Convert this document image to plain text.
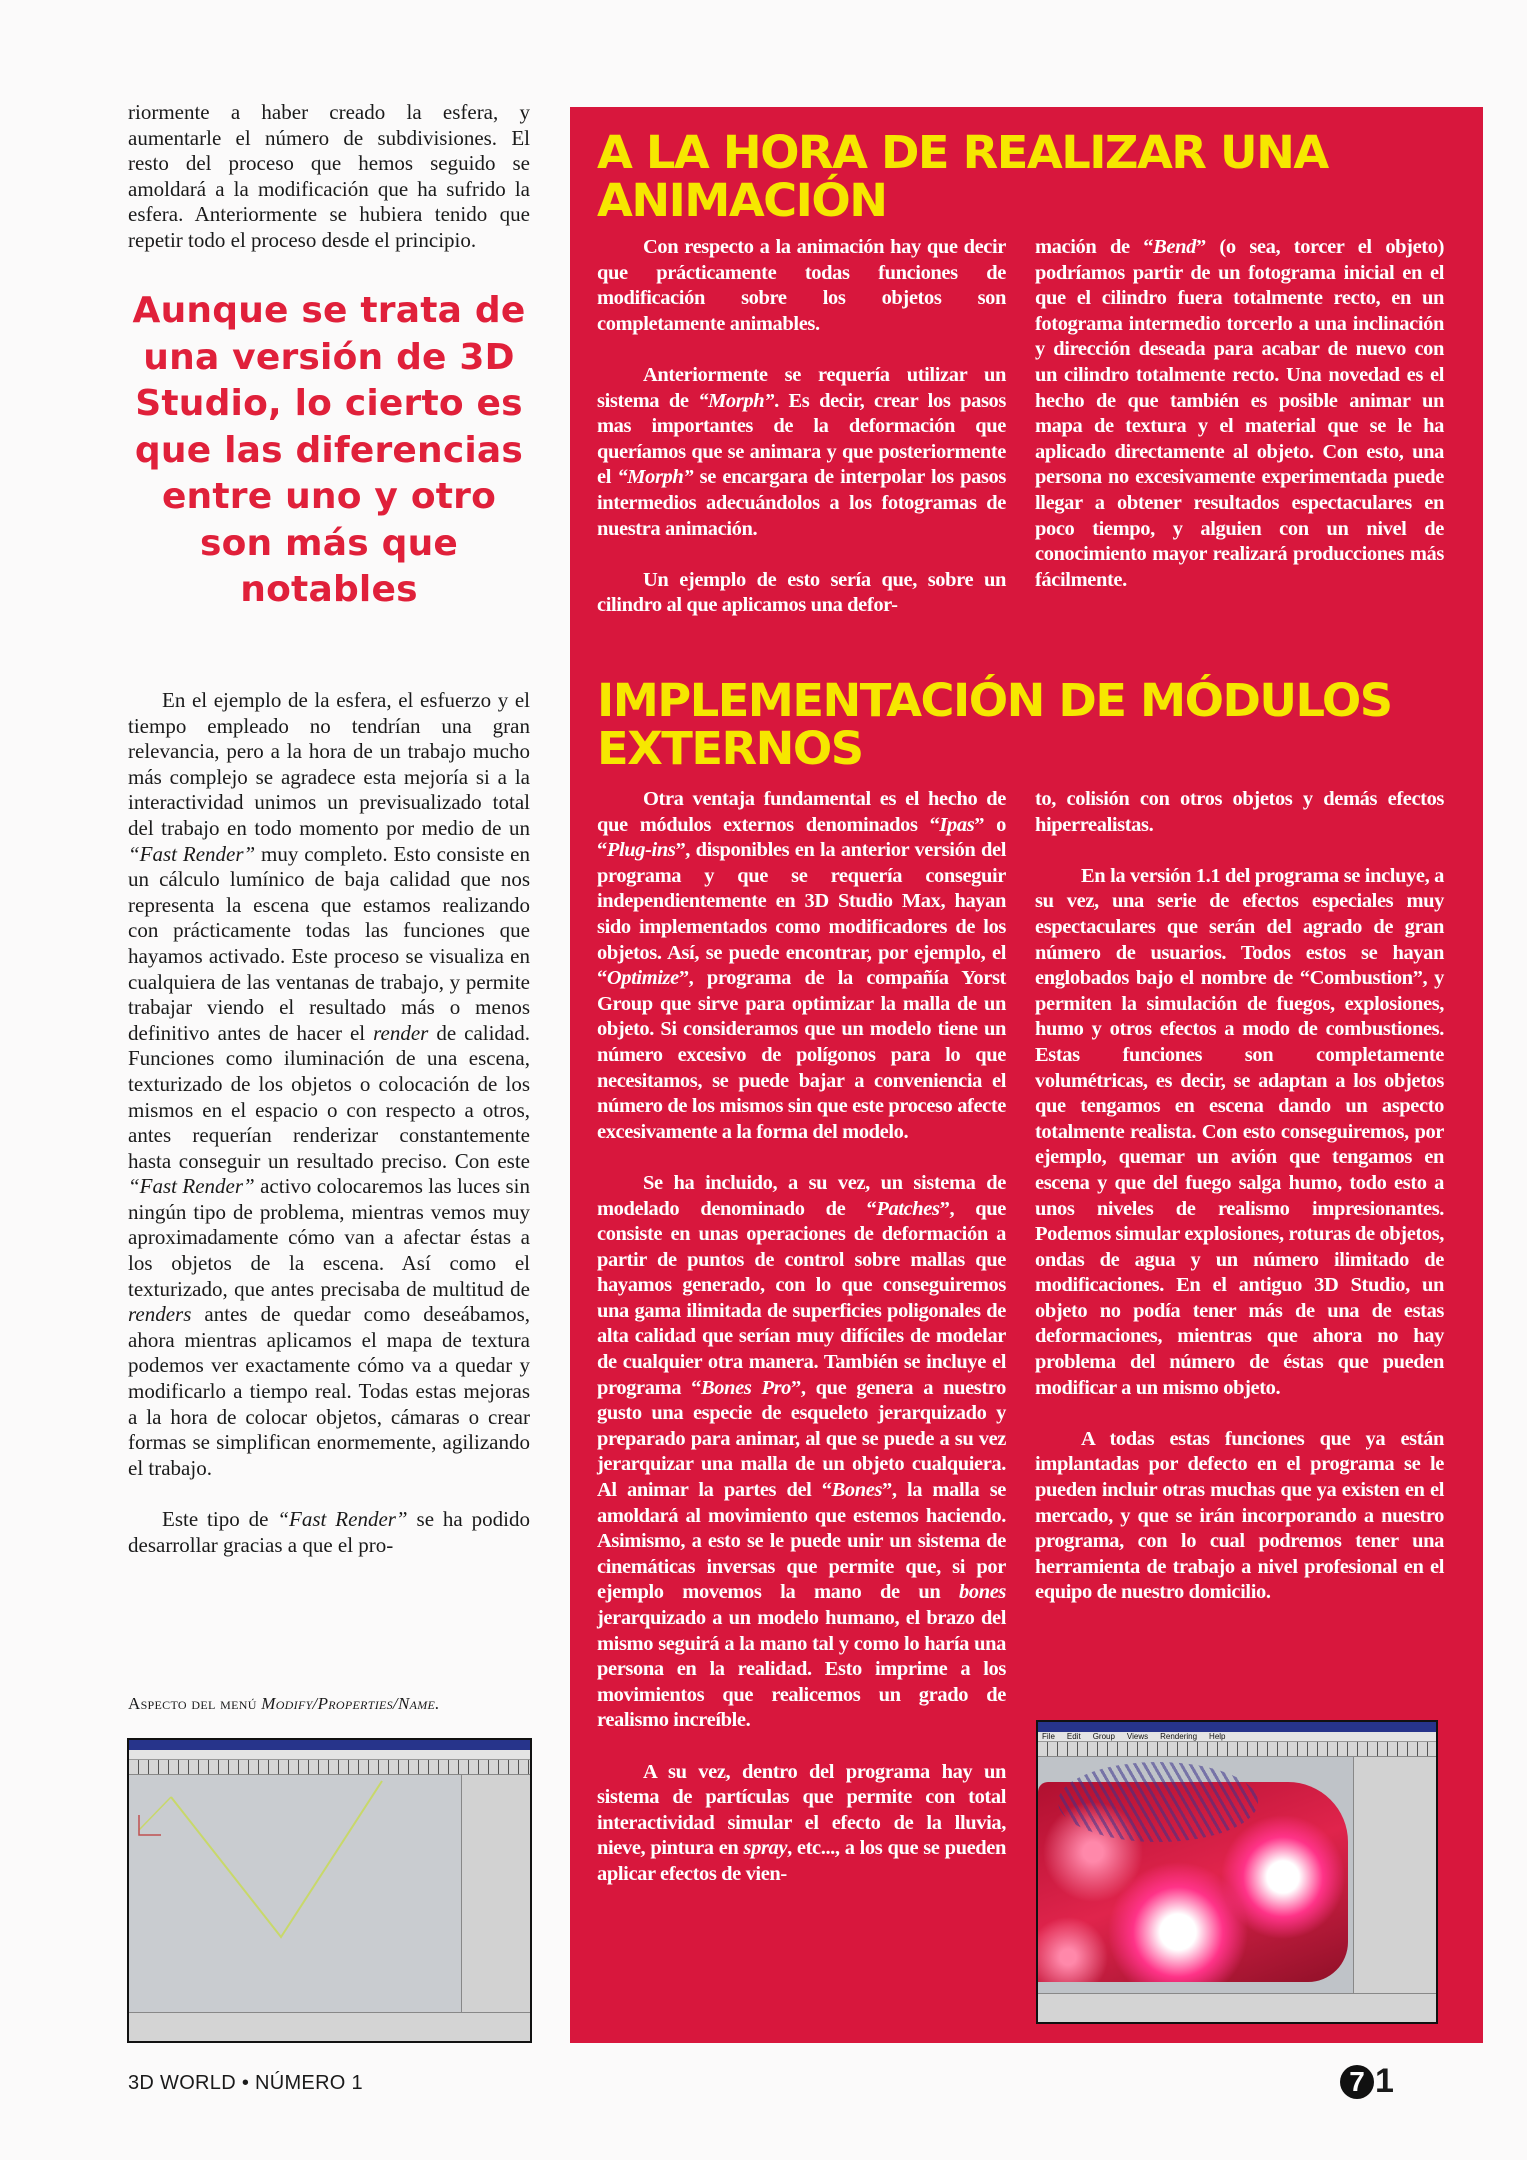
riormente a haber creado la esfera, y aumentarle el número de subdivisiones. El resto del proceso que hemos seguido se amoldará a la modificación que ha sufrido la esfera. Anteriormente se hubiera tenido que repetir todo el proceso desde el principio.

Aunque se trata de una versión de 3D Studio, lo cierto es que las diferencias entre uno y otro son más que notables

En el ejemplo de la esfera, el esfuerzo y el tiempo empleado no tendrían una gran relevancia, pero a la hora de un trabajo mucho más complejo se agradece esta mejoría si a la interactividad unimos un previsualizado total del trabajo en todo momento por medio de un “Fast Render” muy completo. Esto consiste en un cálculo lumínico de baja calidad que nos representa la escena que estamos realizando con prácticamente todas las funciones que hayamos activado. Este proceso se visualiza en cualquiera de las ventanas de trabajo, y permite trabajar viendo el resultado más o menos definitivo antes de hacer el render de calidad. Funciones como iluminación de una escena, texturizado de los objetos o colocación de los mismos en el espacio o con respecto a otros, antes requerían renderizar constantemente hasta conseguir un resultado preciso. Con este “Fast Render” activo colocaremos las luces sin ningún tipo de problema, mientras vemos muy aproximadamente cómo van a afectar éstas a los objetos de la escena. Así como el texturizado, que antes precisaba de multitud de renders antes de quedar como deseábamos, ahora mientras aplicamos el mapa de textura podemos ver exactamente cómo va a quedar y modificarlo a tiempo real. Todas estas mejoras a la hora de colocar objetos, cámaras o crear formas se simplifican enormemente, agilizando el trabajo.

Este tipo de “Fast Render” se ha podido desarrollar gracias a que el pro-

Aspecto del menú Modify/Properties/Name.
A LA HORA DE REALIZAR UNA ANIMACIÓN

Con respecto a la animación hay que decir que prácticamente todas funciones de modificación sobre los objetos son completamente animables.

Anteriormente se requería utilizar un sistema de “Morph”. Es decir, crear los pasos mas importantes de la deformación que queríamos que se animara y que posteriormente el “Morph” se encargara de interpolar los pasos intermedios adecuándolos a los fotogramas de nuestra animación.

Un ejemplo de esto sería que, sobre un cilindro al que aplicamos una defor-

mación de “Bend” (o sea, torcer el objeto) podríamos partir de un fotograma inicial en el que el cilindro fuera totalmente recto, en un fotograma intermedio torcerlo a una inclinación y dirección deseada para acabar de nuevo con un cilindro totalmente recto. Una novedad es el hecho de que también es posible animar un mapa de textura y el material que se le ha aplicado directamente al objeto. Con esto, una persona no excesivamente experimentada puede llegar a obtener resultados espectaculares en poco tiempo, y alguien con un nivel de conocimiento mayor realizará producciones más fácilmente.

IMPLEMENTACIÓN DE MÓDULOS EXTERNOS

Otra ventaja fundamental es el hecho de que módulos externos denominados “Ipas” o “Plug-ins”, disponibles en la anterior versión del programa y que se requería conseguir independientemente en 3D Studio Max, hayan sido implementados como modificadores de los objetos. Así, se puede encontrar, por ejemplo, el “Optimize”, programa de la compañía Yorst Group que sirve para optimizar la malla de un objeto. Si consideramos que un modelo tiene un número excesivo de polígonos para lo que necesitamos, se puede bajar a conveniencia el número de los mismos sin que este proceso afecte excesivamente a la forma del modelo.

Se ha incluido, a su vez, un sistema de modelado denominado de “Patches”, que consiste en unas operaciones de deformación a partir de puntos de control sobre mallas que hayamos generado, con lo que conseguiremos una gama ilimitada de superficies poligonales de alta calidad que serían muy difíciles de modelar de cualquier otra manera. También se incluye el programa “Bones Pro”, que genera a nuestro gusto una especie de esqueleto jerarquizado y preparado para animar, al que se puede a su vez jerarquizar una malla de un objeto cualquiera. Al animar la partes del “Bones”, la malla se amoldará al movimiento que estemos haciendo. Asimismo, a esto se le puede unir un sistema de cinemáticas inversas que permite que, si por ejemplo movemos la mano de un bones jerarquizado a un modelo humano, el brazo del mismo seguirá a la mano tal y como lo haría una persona en la realidad. Esto imprime a los movimientos que realicemos un grado de realismo increíble.

A su vez, dentro del programa hay un sistema de partículas que permite con total interactividad simular el efecto de la lluvia, nieve, pintura en spray, etc..., a los que se pueden aplicar efectos de vien-

to, colisión con otros objetos y demás efectos hiperrealistas.

En la versión 1.1 del programa se incluye, a su vez, una serie de efectos especiales muy espectaculares que serán del agrado de gran número de usuarios. Todos estos se hayan englobados bajo el nombre de “Combustion”, y permiten la simulación de fuegos, explosiones, humo y otros efectos a modo de combustiones. Estas funciones son completamente volumétricas, es decir, se adaptan a los objetos que tengamos en escena dando un aspecto totalmente realista. Con esto conseguiremos, por ejemplo, quemar un avión que tengamos en escena y que del fuego salga humo, todo esto a unos niveles de realismo impresionantes. Podemos simular explosiones, roturas de objetos, ondas de agua y un número ilimitado de modificaciones. En el antiguo 3D Studio, un objeto no podía tener más de una de estas deformaciones, mientras que ahora no hay problema del número de éstas que pueden modificar a un mismo objeto.

A todas estas funciones que ya están implantadas por defecto en el programa se le pueden incluir otras muchas que ya existen en el mercado, y que se irán incorporando a nuestro programa, con lo cual podremos tener una herramienta de trabajo a nivel profesional en el equipo de nuestro domicilio.

File Edit Group Views Rendering Help
3D WORLD • NÚMERO 1	7 1
